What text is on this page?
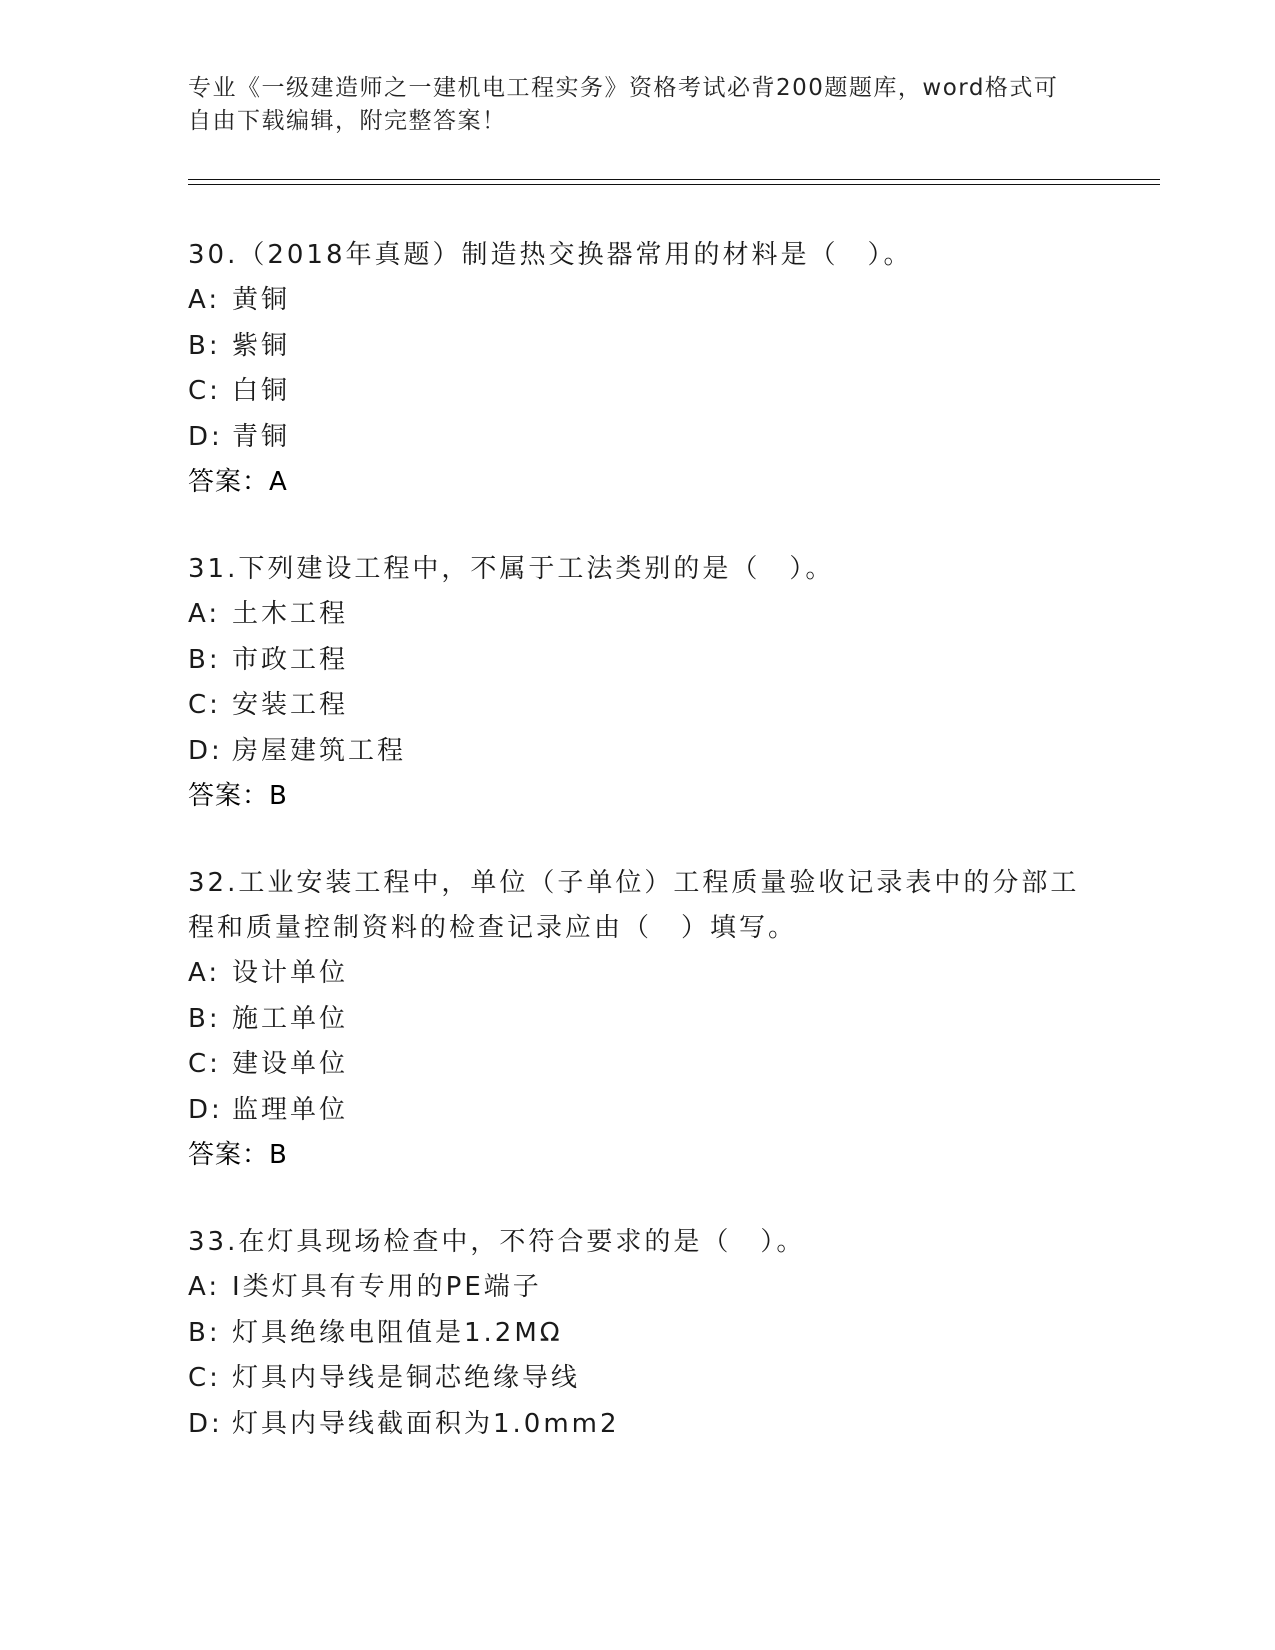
专业《一级建造师之一建机电工程实务》资格考试必背200题题库，word格式可
自由下载编辑，附完整答案！

30.（2018年真题）制造热交换器常用的材料是（　）。

A: 黄铜

B: 紫铜

C: 白铜

D: 青铜

答案：A

31.下列建设工程中，不属于工法类别的是（　）。

A: 土木工程

B: 市政工程

C: 安装工程

D: 房屋建筑工程

答案：B

32.工业安装工程中，单位（子单位）工程质量验收记录表中的分部工程和质量控制资料的检查记录应由（　）填写。

A: 设计单位

B: 施工单位

C: 建设单位

D: 监理单位

答案：B

33.在灯具现场检查中，不符合要求的是（　）。

A: Ⅰ类灯具有专用的PE端子

B: 灯具绝缘电阻值是1.2MΩ

C: 灯具内导线是铜芯绝缘导线

D: 灯具内导线截面积为1.0mm2
